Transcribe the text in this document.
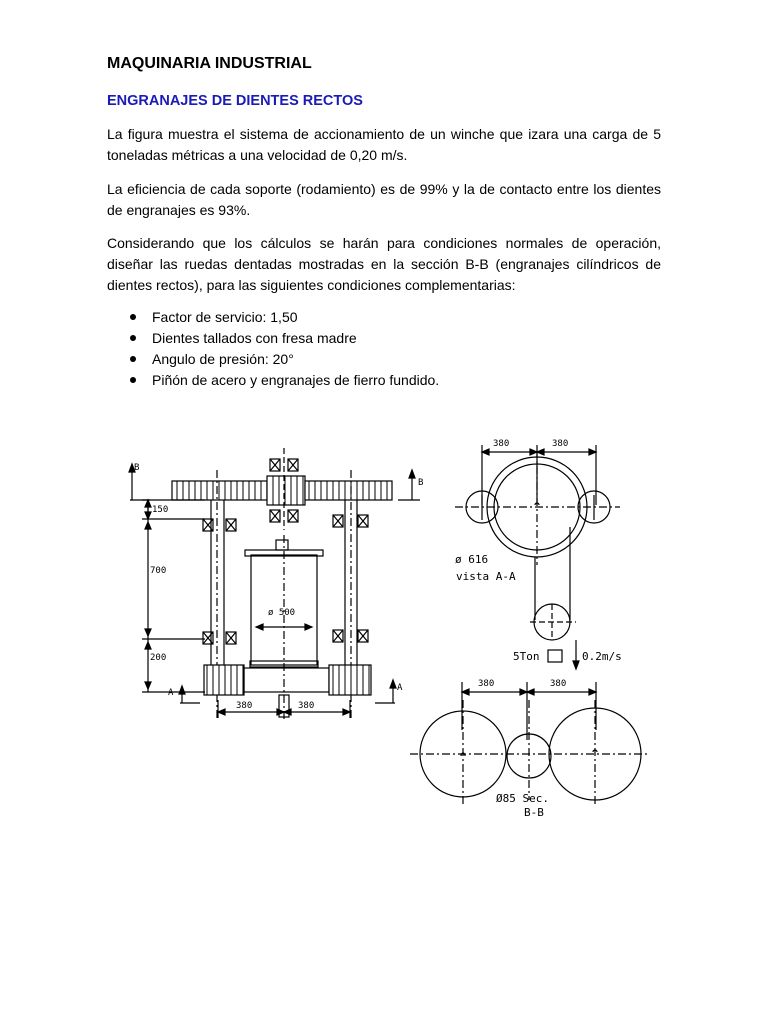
MAQUINARIA INDUSTRIAL
ENGRANAJES DE DIENTES RECTOS

La figura muestra el sistema de accionamiento de un winche que izara una carga de 5 toneladas métricas a una velocidad de 0,20 m/s.

La eficiencia de cada soporte (rodamiento) es de 99% y la de contacto entre los dientes de engranajes es 93%.

Considerando que los cálculos se harán para condiciones normales de operación, diseñar las ruedas dentadas mostradas en la sección B-B (engranajes cilíndricos de dientes rectos), para las siguientes condiciones complementarias:

Factor de servicio: 1,50
Dientes tallados con fresa madre
Angulo de presión: 20°
Piñón de acero y engranajes de fierro fundido.
B
150
700
200
ø 500
A	A
B
380	380
380	380
ø 616
vista A-A
5Ton	0.2m/s
380	380
Ø85 Sec.
B-B
